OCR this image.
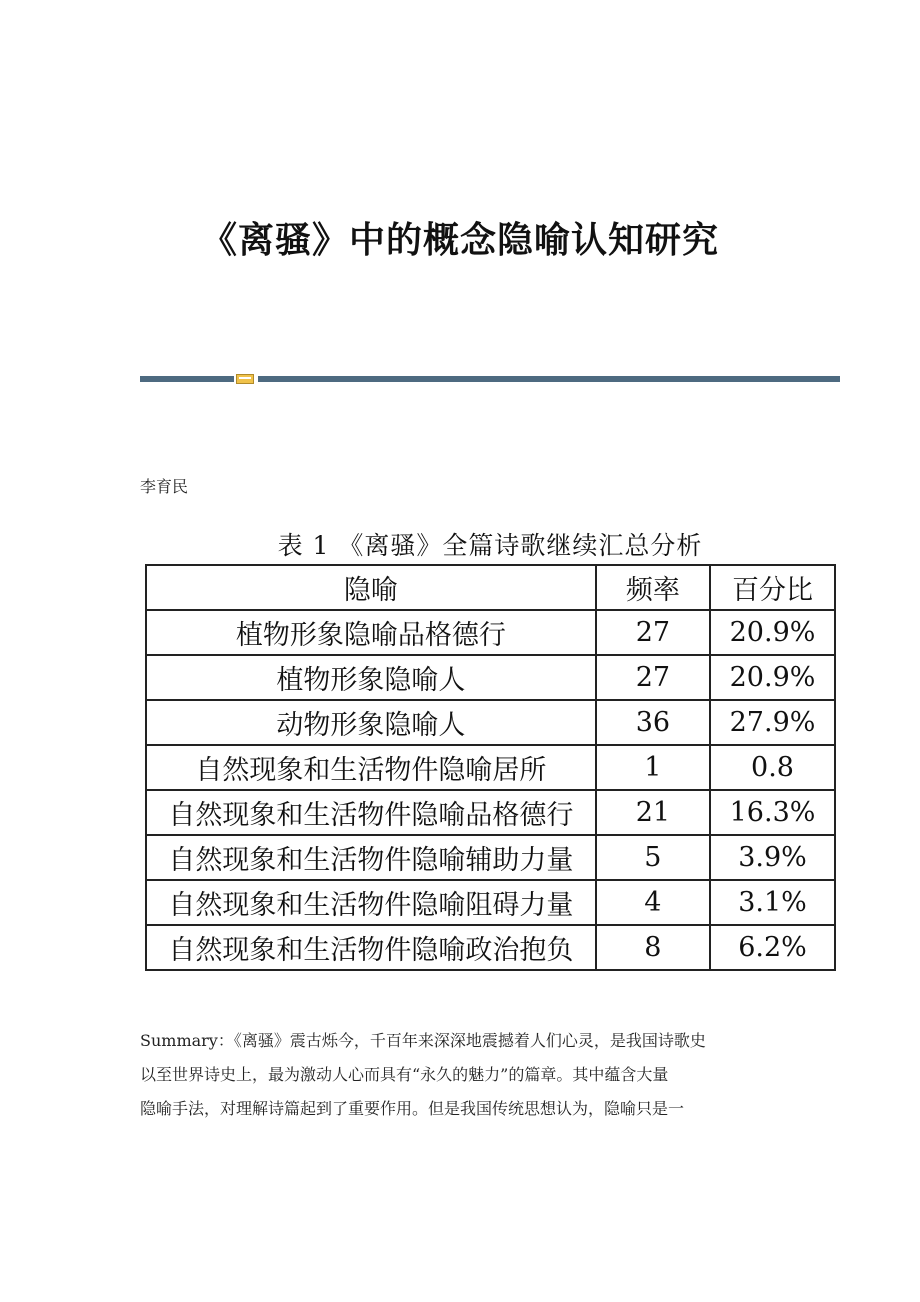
《离骚》中的概念隐喻认知研究
李育民
表 1 《离骚》全篇诗歌继续汇总分析
隐喻	频率	百分比
植物形象隐喻品格德行	27	20.9%
植物形象隐喻人	27	20.9%
动物形象隐喻人	36	27.9%
自然现象和生活物件隐喻居所	1	0.8
自然现象和生活物件隐喻品格德行	21	16.3%
自然现象和生活物件隐喻辅助力量	5	3.9%
自然现象和生活物件隐喻阻碍力量	4	3.1%
自然现象和生活物件隐喻政治抱负	8	6.2%

Summary：《离骚》震古烁今，千百年来深深地震撼着人们心灵，是我国诗歌史

以至世界诗史上，最为激动人心而具有“永久的魅力”的篇章。其中蕴含大量

隐喻手法，对理解诗篇起到了重要作用。但是我国传统思想认为，隐喻只是一
